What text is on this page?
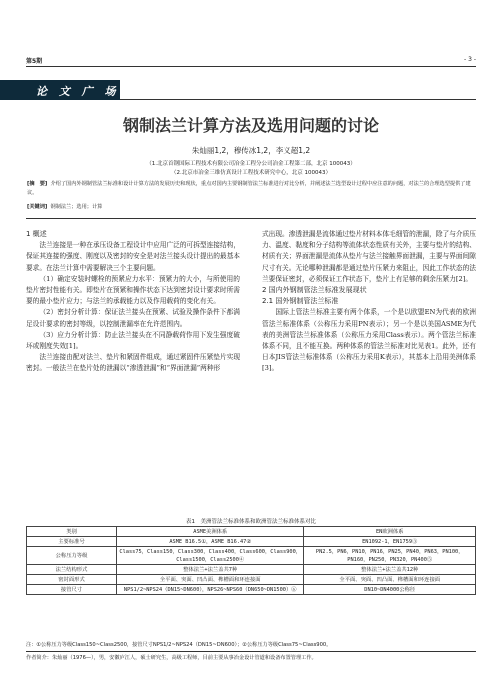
第5期	- 3 -
论 文 广 场
钢制法兰计算方法及选用问题的讨论
朱灿丽1,2，穆传冰1,2，李义超1,2
（1.北京首钢国际工程技术有限公司冶金工程分公司冶金工程第二部，北京 100043）
（2.北京市冶金三维仿真设计工程技术研究中心，北京 100043）
[摘　要] 介绍了国内外钢制管法兰标准和设计计算方法的发展历史和现状，重点对国内主要钢制管法兰标准进行对比分析，并阐述法兰选型设计过程中应注意的问题，对法兰的合理选型提供了建议。
[关键词] 钢制法兰；选用；计算

1 概述

法兰连接是一种在承压设备工程设计中应用广泛的可拆型连接结构，保证其连接的强度、刚度以及密封的安全是对法兰接头设计提出的最基本要求。在法兰计算中需要解决三个主要问题。

（1）确定安装时螺栓的预紧应力水平：预紧力的大小，与所使用的垫片密封性能有关。即垫片在预紧和操作状态下达到密封设计要求时所需要的最小垫片应力；与法兰的承载能力以及作用载荷的变化有关。

（2）密封分析计算：保证法兰接头在预紧、试验及操作条件下都满足设计要求的密封等级，以控制泄漏率在允许范围内。

（3）应力分析计算：防止法兰接头在不同静载荷作用下发生强度破坏或刚度失效[1]。

法兰连接由配对法兰、垫片和紧固件组成，通过紧固件压紧垫片实现密封。一般法兰在垫片处的泄漏以“渗透泄漏”和“界面泄漏”两种形

式出现。渗透泄漏是流体通过垫片材料本体毛细管的泄漏，除了与介质压力、温度、黏度和分子结构等流体状态性质有关外，主要与垫片的结构、材质有关；界面泄漏是流体从垫片与法兰接触界面泄漏，主要与界面间隙尺寸有关。无论哪种泄漏都是通过垫片压紧力来阻止，因此工作状态的法兰要保证密封，必须保证工作状态下，垫片上有足够的剩余压紧力[2]。

2 国内外钢制管法兰标准发展现状

2.1 国外钢制管法兰标准

国际上管法兰标准主要有两个体系，一个是以欧盟EN为代表的欧洲管法兰标准体系（公称压力采用PN表示）；另一个是以美国ASME为代表的美洲管法兰标准体系（公称压力采用Class表示）。两个管法兰标准体系不同，且不能互换。两种体系的管法兰标准对比见表1。此外，还有日本JIS管法兰标准体系（公称压力采用K表示），其基本上沿用美洲体系[3]。

表1　美洲管法兰标准体系和欧洲管法兰标准体系对比
类别	ASME美洲体系	EN欧洲体系
主要标准号	ASME B16.5①，ASME B16.47②	EN1092-1，EN1759③
公称压力等级	Class75，Class150，Class300，Class400，Class600，Class900，Class1500，Class2500④	PN2.5，PN6，PN10，PN16，PN25，PN40，PN63，PN100，PN160，PN250，PN320，PN400⑤
法兰结构形式	整体法兰+法兰盖共7种	整体法兰+法兰盖共12种
密封面形式	全平面、突面、凹凸面、榫槽面和环连接面	全平面、突面、凹凸面、榫槽面和环连接面
接管尺寸	NPS1/2~NPS24（DN15~DN600），NPS26~NPS60（DN650~DN1500）⑥	DN10~DN4000公称径
注：①公称压力等级Class150~Class2500，接管尺寸NPS1/2~NPS24（DN15~DN600）；②公称压力等级Class75~Class900。
作者简介：朱灿丽（1976—），男，安徽庐江人，硕士研究生，高级工程师，目前主要从事冶金设计管道和设备布置管理工作。
